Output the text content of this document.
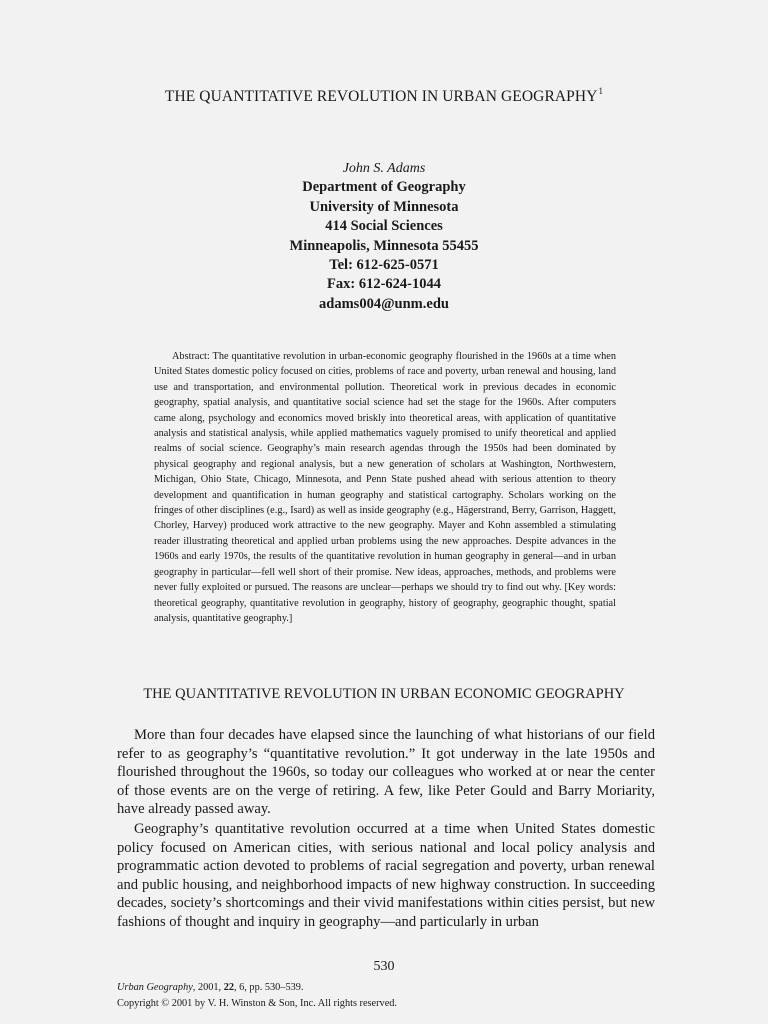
THE QUANTITATIVE REVOLUTION IN URBAN GEOGRAPHY$^1$
John S. Adams
Department of Geography
University of Minnesota
414 Social Sciences
Minneapolis, Minnesota 55455
Tel: 612-625-0571
Fax: 612-624-1044
adams004@unm.edu

Abstract: The quantitative revolution in urban-economic geography flourished in the 1960s at a time when United States domestic policy focused on cities, problems of race and poverty, urban renewal and housing, land use and transportation, and environmental pollution. Theoretical work in previous decades in economic geography, spatial analysis, and quantitative social science had set the stage for the 1960s. After computers came along, psychology and economics moved briskly into theoretical areas, with application of quantitative analysis and statistical analysis, while applied mathematics vaguely promised to unify theoretical and applied realms of social science. Geography’s main research agendas through the 1950s had been dominated by physical geography and regional analysis, but a new generation of scholars at Washington, Northwestern, Michigan, Ohio State, Chicago, Minnesota, and Penn State pushed ahead with serious attention to theory development and quantification in human geography and statistical cartography. Scholars working on the fringes of other disciplines (e.g., Isard) as well as inside geography (e.g., Hägerstrand, Berry, Garrison, Haggett, Chorley, Harvey) produced work attractive to the new geography. Mayer and Kohn assembled a stimulating reader illustrating theoretical and applied urban problems using the new approaches. Despite advances in the 1960s and early 1970s, the results of the quantitative revolution in human geography in general—and in urban geography in particular—fell well short of their promise. New ideas, approaches, methods, and problems were never fully exploited or pursued. The reasons are unclear—perhaps we should try to find out why. [Key words: theoretical geography, quantitative revolution in geography, history of geography, geographic thought, spatial analysis, quantitative geography.]

THE QUANTITATIVE REVOLUTION IN URBAN ECONOMIC GEOGRAPHY

More than four decades have elapsed since the launching of what historians of our field refer to as geography’s “quantitative revolution.” It got underway in the late 1950s and flourished throughout the 1960s, so today our colleagues who worked at or near the center of those events are on the verge of retiring. A few, like Peter Gould and Barry Moriarity, have already passed away.

Geography’s quantitative revolution occurred at a time when United States domestic policy focused on American cities, with serious national and local policy analysis and programmatic action devoted to problems of racial segregation and poverty, urban renewal and public housing, and neighborhood impacts of new highway construction. In succeeding decades, society’s shortcomings and their vivid manifestations within cities persist, but new fashions of thought and inquiry in geography—and particularly in urban

530
Urban Geography, 2001, 22, 6, pp. 530–539.
Copyright © 2001 by V. H. Winston & Son, Inc. All rights reserved.
